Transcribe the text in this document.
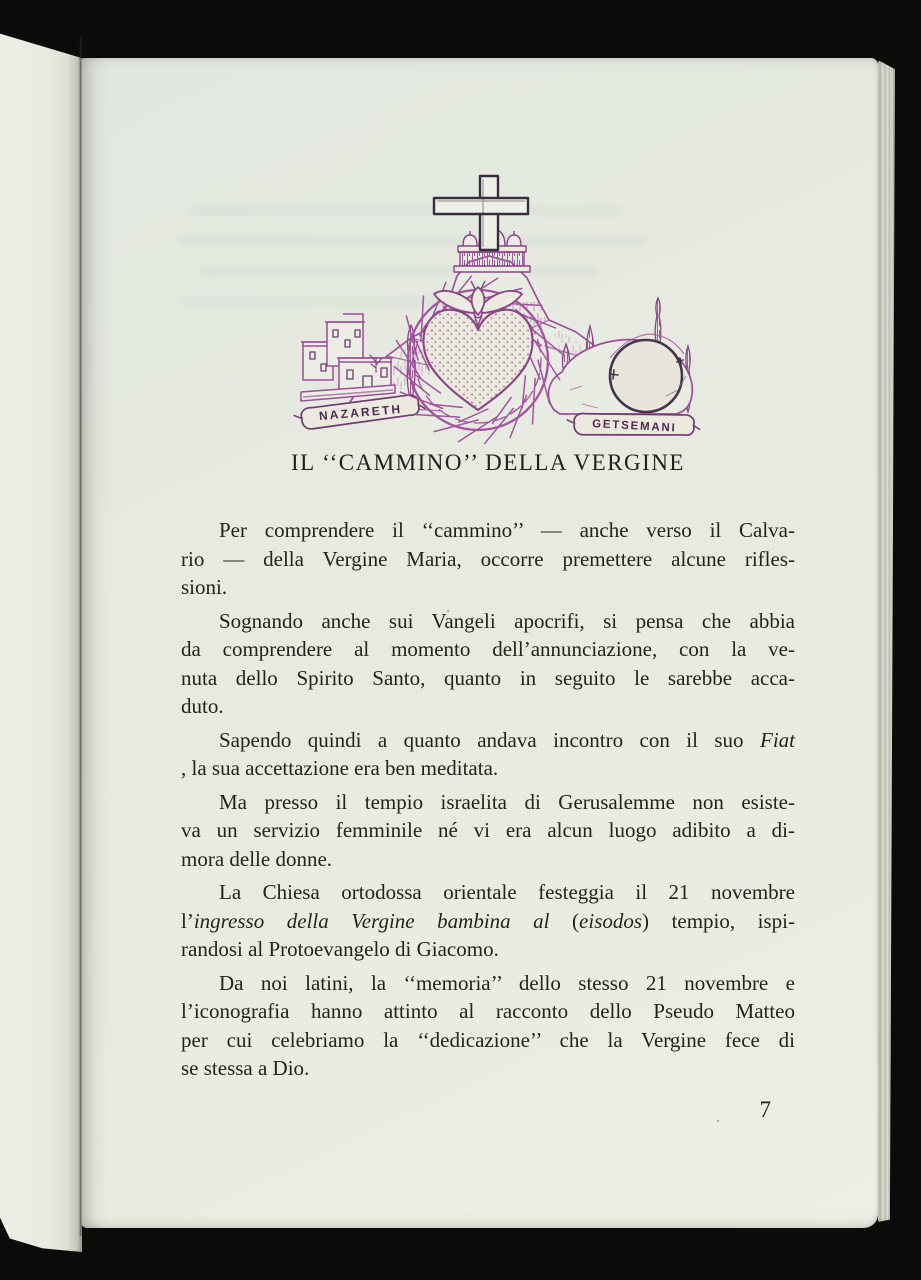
NAZARETH
GETSEMANI
IL ‘‘CAMMINO’’ DELLA VERGINE
Per comprendere il ‘‘cammino’’ — anche verso il Calva-
rio — della Vergine Maria, occorre premettere alcune rifles-
sioni.
Sognando anche sui Vangeli apocrifi, si pensa che abbia
da comprendere al momento dell’annunciazione, con la ve-
nuta dello Spirito Santo, quanto in seguito le sarebbe acca-
duto.
Sapendo quindi a quanto andava incontro con il suo Fiat
, la sua accettazione era ben meditata.
Ma presso il tempio israelita di Gerusalemme non esiste-
va un servizio femminile né vi era alcun luogo adibito a di-
mora delle donne.
La Chiesa ortodossa orientale festeggia il 21 novembre
l’ingresso della Vergine bambina al (eisodos) tempio, ispi-
randosi al Protoevangelo di Giacomo.
Da noi latini, la ‘‘memoria’’ dello stesso 21 novembre e
l’iconografia hanno attinto al racconto dello Pseudo Matteo
per cui celebriamo la ‘‘dedicazione’’ che la Vergine fece di
se stessa a Dio.
7
